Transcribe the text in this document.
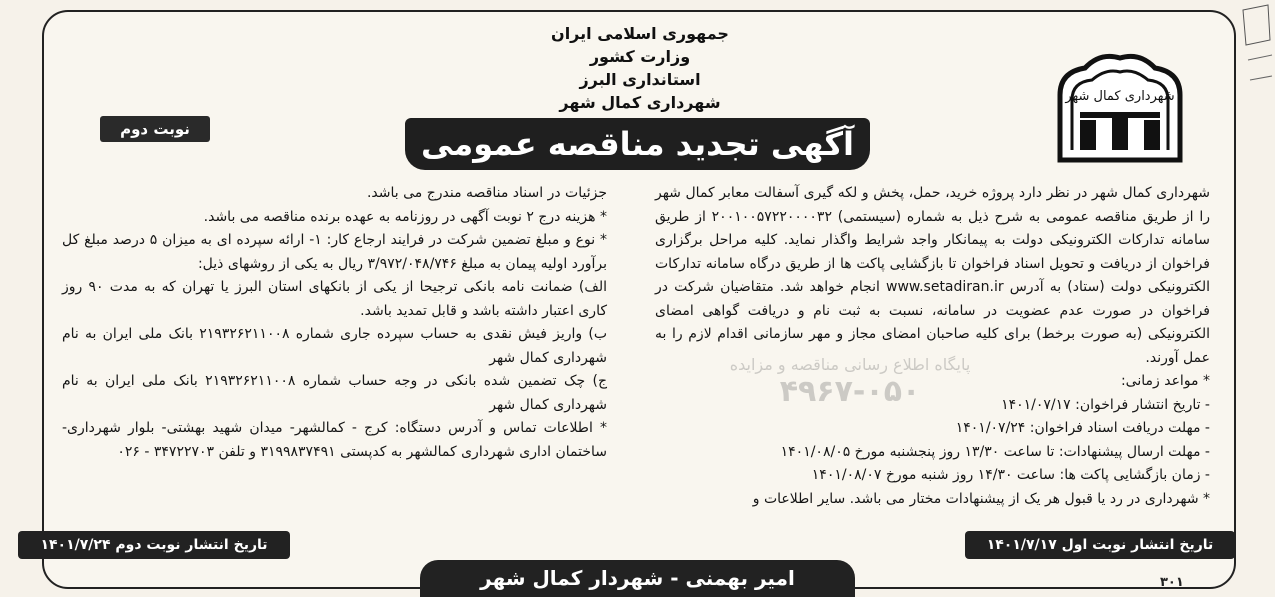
جمهوری اسلامی ایران
وزارت کشور
استانداری البرز
شهرداری کمال شهر	شهرداری کمال شهر
آگهی تجدید مناقصه عمومی
نوبت دوم

شهرداری کمال شهر در نظر دارد پروژه خرید، حمل، پخش و لکه گیری آسفالت معابر کمال شهر را از طریق مناقصه عمومی به شرح ذیل به شماره (سیستمی) ۲۰۰۱۰۰۵۷۲۲۰۰۰۰۳۲ از طریق سامانه تدارکات الکترونیکی دولت به پیمانکار واجد شرایط واگذار نماید. کلیه مراحل برگزاری فراخوان از دریافت و تحویل اسناد فراخوان تا بازگشایی پاکت ها از طریق درگاه سامانه تدارکات الکترونیکی دولت (ستاد) به آدرس www.setadiran.ir انجام خواهد شد. متقاضیان شرکت در فراخوان در صورت عدم عضویت در سامانه، نسبت به ثبت نام و دریافت گواهی امضای الکترونیکی (به صورت برخط) برای کلیه صاحبان امضای مجاز و مهر سازمانی اقدام لازم را به عمل آورند.

* مواعد زمانی:

- تاریخ انتشار فراخوان: ۱۴۰۱/۰۷/۱۷

- مهلت دریافت اسناد فراخوان: ۱۴۰۱/۰۷/۲۴

- مهلت ارسال پیشنهادات: تا ساعت ۱۳/۳۰ روز پنجشنبه مورخ ۱۴۰۱/۰۸/۰۵

- زمان بازگشایی پاکت ها: ساعت ۱۴/۳۰ روز شنبه مورخ ۱۴۰۱/۰۸/۰۷

* شهرداری در رد یا قبول هر یک از پیشنهادات مختار می باشد. سایر اطلاعات و

جزئیات در اسناد مناقصه مندرج می باشد.

* هزینه درج ۲ نوبت آگهی در روزنامه به عهده برنده مناقصه می باشد.

* نوع و مبلغ تضمین شرکت در فرایند ارجاع کار: ۱- ارائه سپرده ای به میزان ۵ درصد مبلغ کل برآورد اولیه پیمان به مبلغ ۳/۹۷۲/۰۴۸/۷۴۶ ریال به یکی از روشهای ذیل:

الف) ضمانت نامه بانکی ترجیحا از یکی از بانکهای استان البرز یا تهران که به مدت ۹۰ روز کاری اعتبار داشته باشد و قابل تمدید باشد.

ب) واریز فیش نقدی به حساب سپرده جاری شماره ۲۱۹۳۲۶۲۱۱۰۰۸ بانک ملی ایران به نام شهرداری کمال شهر

ج) چک تضمین شده بانکی در وجه حساب شماره ۲۱۹۳۲۶۲۱۱۰۰۸ بانک ملی ایران به نام شهرداری کمال شهر

* اطلاعات تماس و آدرس دستگاه: کرج - کمالشهر- میدان شهید بهشتی- بلوار شهرداری- ساختمان اداری شهرداری کمالشهر به کدپستی ۳۱۹۹۸۳۷۴۹۱ و تلفن ۳۴۷۲۲۷۰۳ - ۰۲۶

پایگاه اطلاع رسانی مناقصه و مزایده
۴۹۶۷-۰۵۰
تاریخ انتشار نوبت اول ۱۴۰۱/۷/۱۷
تاریخ انتشار نوبت دوم ۱۴۰۱/۷/۲۴
امیر بهمنی - شهردار کمال شهر	۳۰۱
